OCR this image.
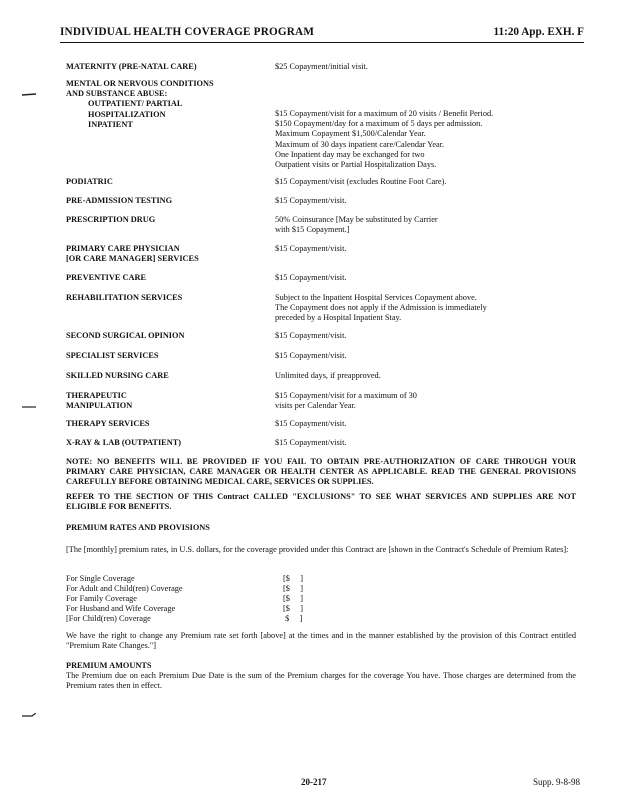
INDIVIDUAL HEALTH COVERAGE PROGRAM	11:20 App. EXH. F
MATERNITY (PRE-NATAL CARE)	$25 Copayment/initial visit.
MENTAL OR NERVOUS CONDITIONS
AND SUBSTANCE ABUSE:
OUTPATIENT/ PARTIAL
HOSPITALIZATION
INPATIENT
$15 Copayment/visit for a maximum of 20 visits / Benefit Period.
$150 Copayment/day for a maximum of 5 days per admission.
Maximum Copayment $1,500/Calendar Year.
Maximum of 30 days inpatient care/Calendar Year.
One Inpatient day may be exchanged for two
Outpatient visits or Partial Hospitalization Days.
PODIATRIC	$15 Copayment/visit (excludes Routine Foot Care).
PRE-ADMISSION TESTING	$15 Copayment/visit.
PRESCRIPTION DRUG	50% Coinsurance [May be substituted by Carrier
with $15 Copayment.]
PRIMARY CARE PHYSICIAN
[OR CARE MANAGER] SERVICES
$15 Copayment/visit.
PREVENTIVE CARE	$15 Copayment/visit.
REHABILITATION SERVICES	Subject to the Inpatient Hospital Services Copayment above.
The Copayment does not apply if the Admission is immediately
preceded by a Hospital Inpatient Stay.
SECOND SURGICAL OPINION	$15 Copayment/visit.
SPECIALIST SERVICES	$15 Copayment/visit.
SKILLED NURSING CARE	Unlimited days, if preapproved.
THERAPEUTIC
MANIPULATION
$15 Copayment/visit for a maximum of 30
visits per Calendar Year.
THERAPY SERVICES	$15 Copayment/visit.
X-RAY & LAB (OUTPATIENT)	$15 Copayment/visit.
NOTE: NO BENEFITS WILL BE PROVIDED IF YOU FAIL TO OBTAIN PRE-AUTHORIZATION OF CARE THROUGH YOUR PRIMARY CARE PHYSICIAN, CARE MANAGER OR HEALTH CENTER AS APPLICABLE. READ THE GENERAL PROVISIONS CAREFULLY BEFORE OBTAINING MEDICAL CARE, SERVICES OR SUPPLIES.
REFER TO THE SECTION OF THIS Contract CALLED "EXCLUSIONS" TO SEE WHAT SERVICES AND SUPPLIES ARE NOT ELIGIBLE FOR BENEFITS.
PREMIUM RATES AND PROVISIONS
[The [monthly] premium rates, in U.S. dollars, for the coverage provided under this Contract are [shown in the Contract's Schedule of Premium Rates]:
For Single Coverage	[$     ]
For Adult and Child(ren) Coverage	[$     ]
For Family Coverage	[$     ]
For Husband and Wife Coverage	[$     ]
[For Child(ren) Coverage	$     ]
We have the right to change any Premium rate set forth [above] at the times and in the manner established by the provision of this Contract entitled "Premium Rate Changes."]
PREMIUM AMOUNTS
The Premium due on each Premium Due Date is the sum of the Premium charges for the coverage You have. Those charges are determined from the Premium rates then in effect.
20-217	Supp. 9-8-98
